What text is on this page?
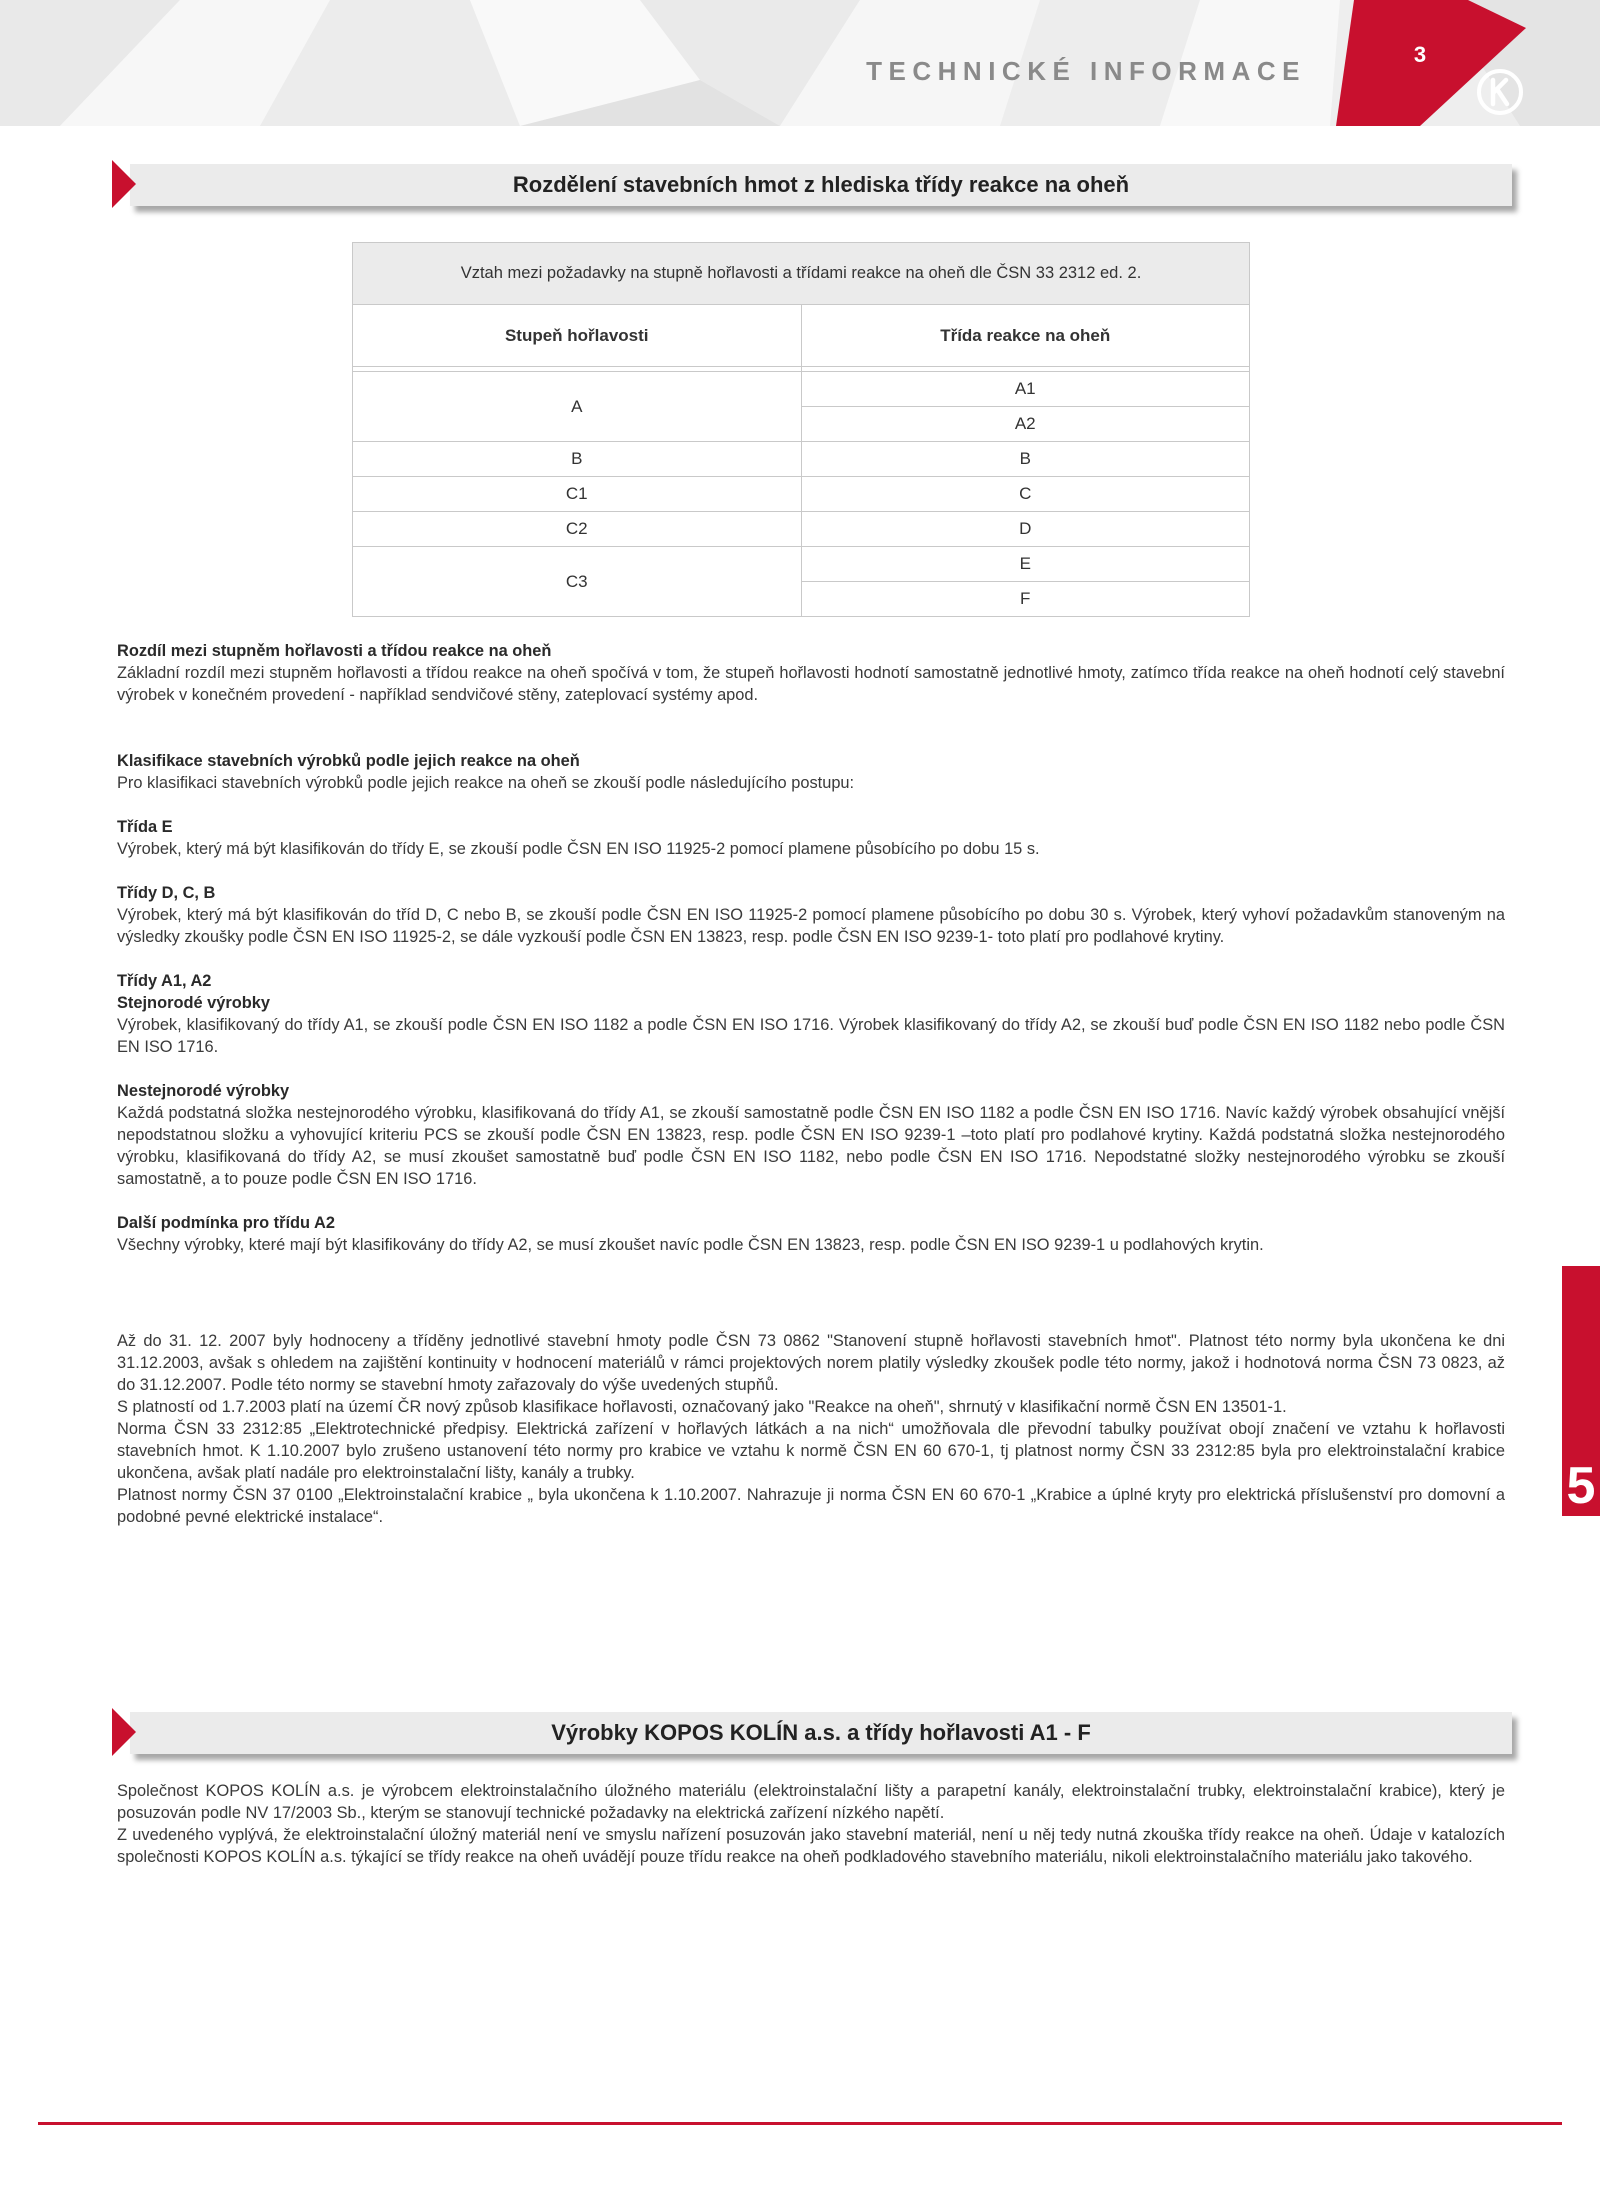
TECHNICKÉ INFORMACE
3
Rozdělení stavebních hmot z hlediska třídy reakce na oheň
Vztah mezi požadavky na stupně hořlavosti a třídami reakce na oheň dle ČSN 33 2312 ed. 2.	
Stupeň hořlavosti	Třída reakce na oheň

A	A1
	A2
B	B
C1	C
C2	D
C3	E
	F

Rozdíl mezi stupněm hořlavosti a třídou reakce na oheň

Základní rozdíl mezi stupněm hořlavosti a třídou reakce na oheň spočívá v tom, že stupeň hořlavosti hodnotí samostatně jednotlivé hmoty, zatímco třída reakce na oheň hodnotí celý stavební výrobek v konečném provedení - například sendvičové stěny, zateplovací systémy apod.

Klasifikace stavebních výrobků podle jejich reakce na oheň

Pro klasifikaci stavebních výrobků podle jejich reakce na oheň se zkouší podle následujícího postupu:

Třída E

Výrobek, který má být klasifikován do třídy E, se zkouší podle ČSN EN ISO 11925-2 pomocí plamene působícího po dobu 15 s.

Třídy D, C, B

Výrobek, který má být klasifikován do tříd D, C nebo B, se zkouší podle ČSN EN ISO 11925-2 pomocí plamene působícího po dobu 30 s. Výrobek, který vyhoví požadavkům stanoveným na výsledky zkoušky podle ČSN EN ISO 11925-2, se dále vyzkouší podle ČSN EN 13823, resp. podle ČSN EN ISO 9239-1- toto platí pro podlahové krytiny.

Třídy A1, A2

Stejnorodé výrobky

Výrobek, klasifikovaný do třídy A1, se zkouší podle ČSN EN ISO 1182 a podle ČSN EN ISO 1716. Výrobek klasifikovaný do třídy A2, se zkouší buď podle ČSN EN ISO 1182 nebo podle ČSN EN ISO 1716.

Nestejnorodé výrobky

Každá podstatná složka nestejnorodého výrobku, klasifikovaná do třídy A1, se zkouší samostatně podle ČSN EN ISO 1182 a podle ČSN EN ISO 1716. Navíc každý výrobek obsahující vnější nepodstatnou složku a vyhovující kriteriu PCS se zkouší podle ČSN EN 13823, resp. podle ČSN EN ISO 9239-1 –toto platí pro podlahové krytiny. Každá podstatná složka nestejnorodého výrobku, klasifikovaná do třídy A2, se musí zkoušet samostatně buď podle ČSN EN ISO 1182, nebo podle ČSN EN ISO 1716. Nepodstatné složky nestejnorodého výrobku se zkouší samostatně, a to pouze podle ČSN EN ISO 1716.

Další podmínka pro třídu A2

Všechny výrobky, které mají být klasifikovány do třídy A2, se musí zkoušet navíc podle ČSN EN 13823, resp. podle ČSN EN ISO 9239-1 u podlahových krytin.

Až do 31. 12. 2007 byly hodnoceny a tříděny jednotlivé stavební hmoty podle ČSN 73 0862 "Stanovení stupně hořlavosti stavebních hmot". Platnost této normy byla ukončena ke dni 31.12.2003, avšak s ohledem na zajištění kontinuity v hodnocení materiálů v rámci projektových norem platily výsledky zkoušek podle této normy, jakož i hodnotová norma ČSN 73 0823, až do 31.12.2007. Podle této normy se stavební hmoty zařazovaly do výše uvedených stupňů.

S platností od 1.7.2003 platí na území ČR nový způsob klasifikace hořlavosti, označovaný jako "Reakce na oheň", shrnutý v klasifikační normě ČSN EN 13501-1.

Norma ČSN 33 2312:85 „Elektrotechnické předpisy. Elektrická zařízení v hořlavých látkách a na nich“ umožňovala dle převodní tabulky používat obojí značení ve vztahu k hořlavosti stavebních hmot. K 1.10.2007 bylo zrušeno ustanovení této normy pro krabice ve vztahu k normě ČSN EN 60 670-1, tj platnost normy ČSN 33 2312:85 byla pro elektroinstalační krabice ukončena, avšak platí nadále pro elektroinstalační lišty, kanály a trubky.

Platnost normy ČSN 37 0100 „Elektroinstalační krabice „ byla ukončena k 1.10.2007. Nahrazuje ji norma ČSN EN 60 670-1 „Krabice a úplné kryty pro elektrická příslušenství pro domovní a podobné pevné elektrické instalace“.

Výrobky KOPOS KOLÍN a.s. a třídy hořlavosti A1 - F

Společnost KOPOS KOLÍN a.s. je výrobcem elektroinstalačního úložného materiálu (elektroinstalační lišty a parapetní kanály, elektroinstalační trubky, elektroinstalační krabice), který je posuzován podle NV 17/2003 Sb., kterým se stanovují technické požadavky na elektrická zařízení nízkého napětí.

Z uvedeného vyplývá, že elektroinstalační úložný materiál není ve smyslu nařízení posuzován jako stavební materiál, není u něj tedy nutná zkouška třídy reakce na oheň. Údaje v katalozích společnosti KOPOS KOLÍN a.s. týkající se třídy reakce na oheň uvádějí pouze třídu reakce na oheň podkladového stavebního materiálu, nikoli elektroinstalačního materiálu jako takového.

5
